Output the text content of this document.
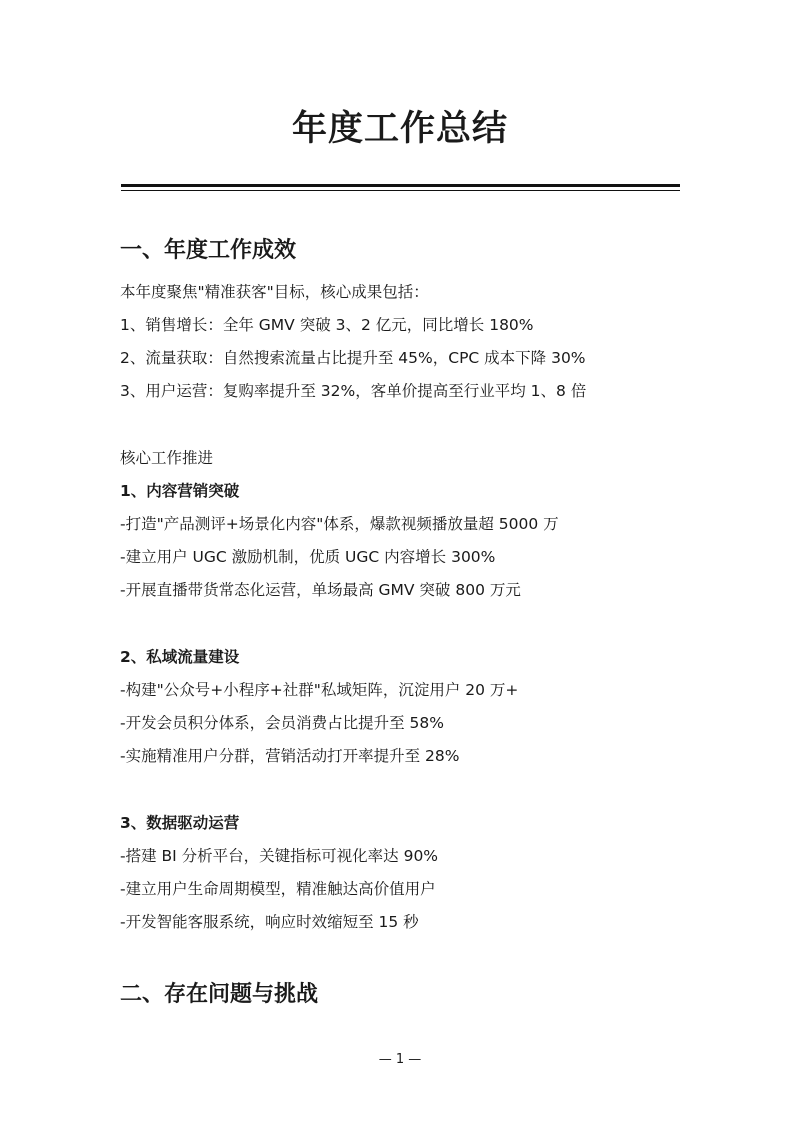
年度工作总结
一、年度工作成效
本年度聚焦"精准获客"目标，核心成果包括：
1、销售增长：全年 GMV 突破 3、2 亿元，同比增长 180%
2、流量获取：自然搜索流量占比提升至 45%，CPC 成本下降 30%
3、用户运营：复购率提升至 32%，客单价提高至行业平均 1、8 倍
核心工作推进
1、内容营销突破
-打造"产品测评+场景化内容"体系，爆款视频播放量超 5000 万
-建立用户 UGC 激励机制，优质 UGC 内容增长 300%
-开展直播带货常态化运营，单场最高 GMV 突破 800 万元
2、私域流量建设
-构建"公众号+小程序+社群"私域矩阵，沉淀用户 20 万+
-开发会员积分体系，会员消费占比提升至 58%
-实施精准用户分群，营销活动打开率提升至 28%
3、数据驱动运营
-搭建 BI 分析平台，关键指标可视化率达 90%
-建立用户生命周期模型，精准触达高价值用户
-开发智能客服系统，响应时效缩短至 15 秒
二、存在问题与挑战
— 1 —
